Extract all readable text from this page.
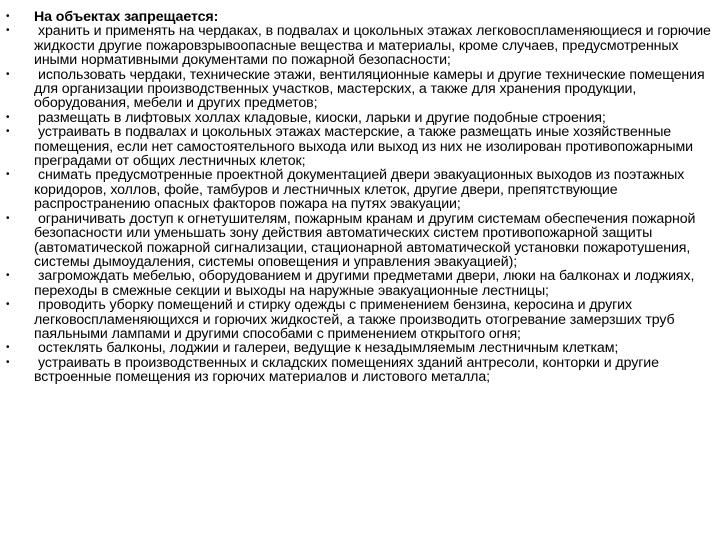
• На объектах запрещается:
• хранить и применять на чердаках, в подвалах и цокольных этажах легковоспламеняющиеся и горючие жидкости другие пожаровзрывоопасные вещества и материалы, кроме случаев, предусмотренных иными нормативными документами по пожарной безопасности;
• использовать чердаки, технические этажи, вентиляционные камеры и другие технические помещения для организации производственных участков, мастерских, а также для хранения продукции, оборудования, мебели и других предметов;
• размещать в лифтовых холлах кладовые, киоски, ларьки и другие подобные строения;
• устраивать в подвалах и цокольных этажах мастерские, а также размещать иные хозяйственные помещения, если нет самостоятельного выхода или выход из них не изолирован противопожарными преградами от общих лестничных клеток;
• снимать предусмотренные проектной документацией двери эвакуационных выходов из поэтажных коридоров, холлов, фойе, тамбуров и лестничных клеток, другие двери, препятствующие распространению опасных факторов пожара на путях эвакуации;
• ограничивать доступ к огнетушителям, пожарным кранам и другим системам обеспечения пожарной безопасности или уменьшать зону действия автоматических систем противопожарной защиты (автоматической пожарной сигнализации, стационарной автоматической установки пожаротушения, системы дымоудаления, системы оповещения и управления эвакуацией);
• загромождать мебелью, оборудованием и другими предметами двери, люки на балконах и лоджиях, переходы в смежные секции и выходы на наружные эвакуационные лестницы;
• проводить уборку помещений и стирку одежды с применением бензина, керосина и других легковоспламеняющихся и горючих жидкостей, а также производить отогревание замерзших труб паяльными лампами и другими способами с применением открытого огня;
• остеклять балконы, лоджии и галереи, ведущие к незадымляемым лестничным клеткам;
• устраивать в производственных и складских помещениях зданий антресоли, конторки и другие встроенные помещения из горючих материалов и листового металла;
